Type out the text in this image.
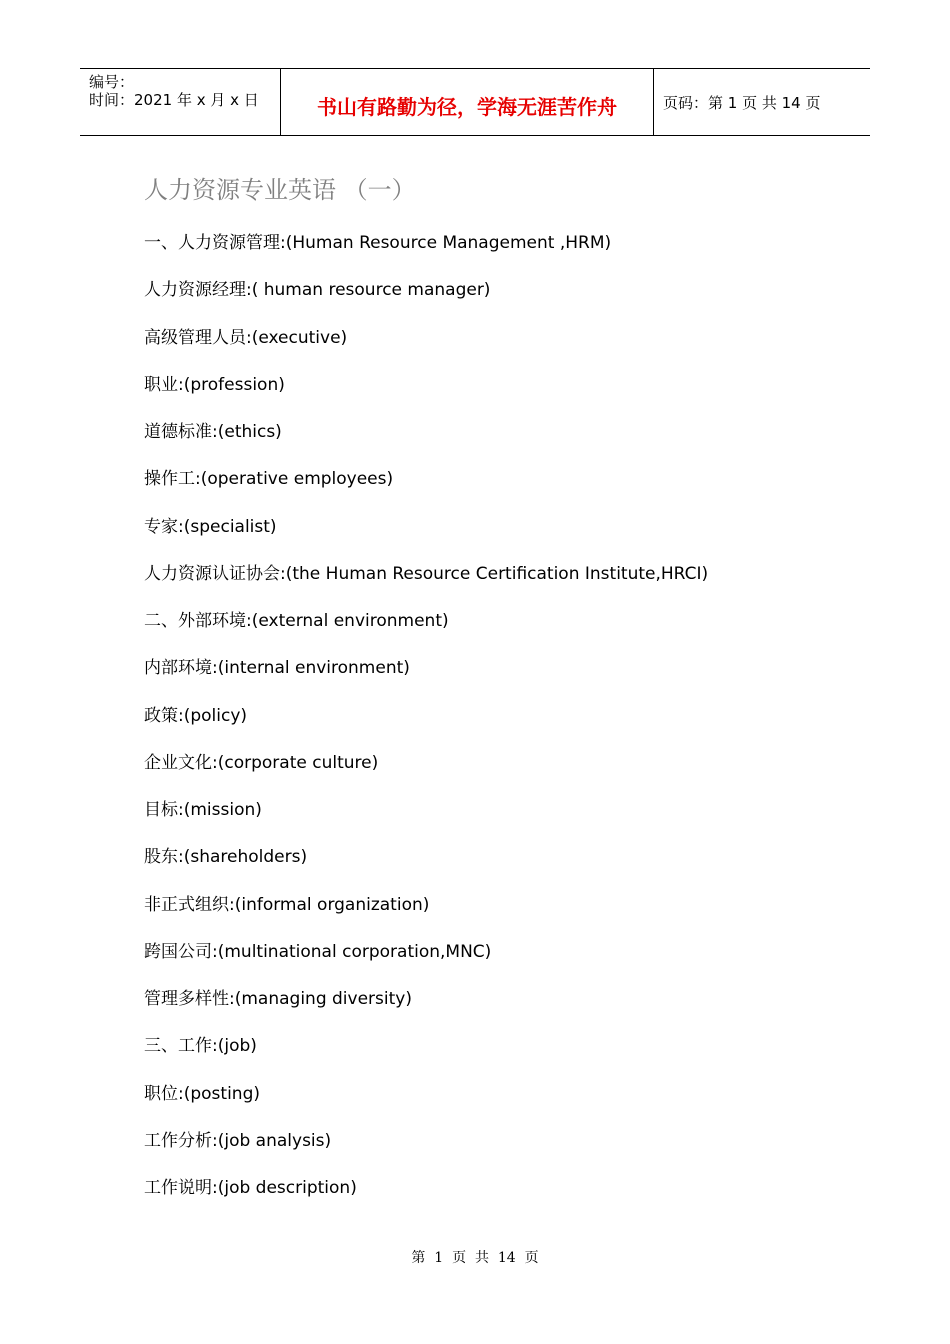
编号：
时间：2021 年 x 月 x 日	书山有路勤为径，学海无涯苦作舟	页码：第 1 页 共 14 页
人力资源专业英语 （一）
一、人力资源管理:(Human Resource Management ,HRM)
人力资源经理:( human resource manager)
高级管理人员:(executive)
职业:(profession)
道德标准:(ethics)
操作工:(operative employees)
专家:(specialist)
人力资源认证协会:(the Human Resource Certification Institute,HRCI)
二、外部环境:(external environment)
内部环境:(internal environment)
政策:(policy)
企业文化:(corporate culture)
目标:(mission)
股东:(shareholders)
非正式组织:(informal organization)
跨国公司:(multinational corporation,MNC)
管理多样性:(managing diversity)
三、工作:(job)
职位:(posting)
工作分析:(job analysis)
工作说明:(job description)
第  1  页  共  14  页
